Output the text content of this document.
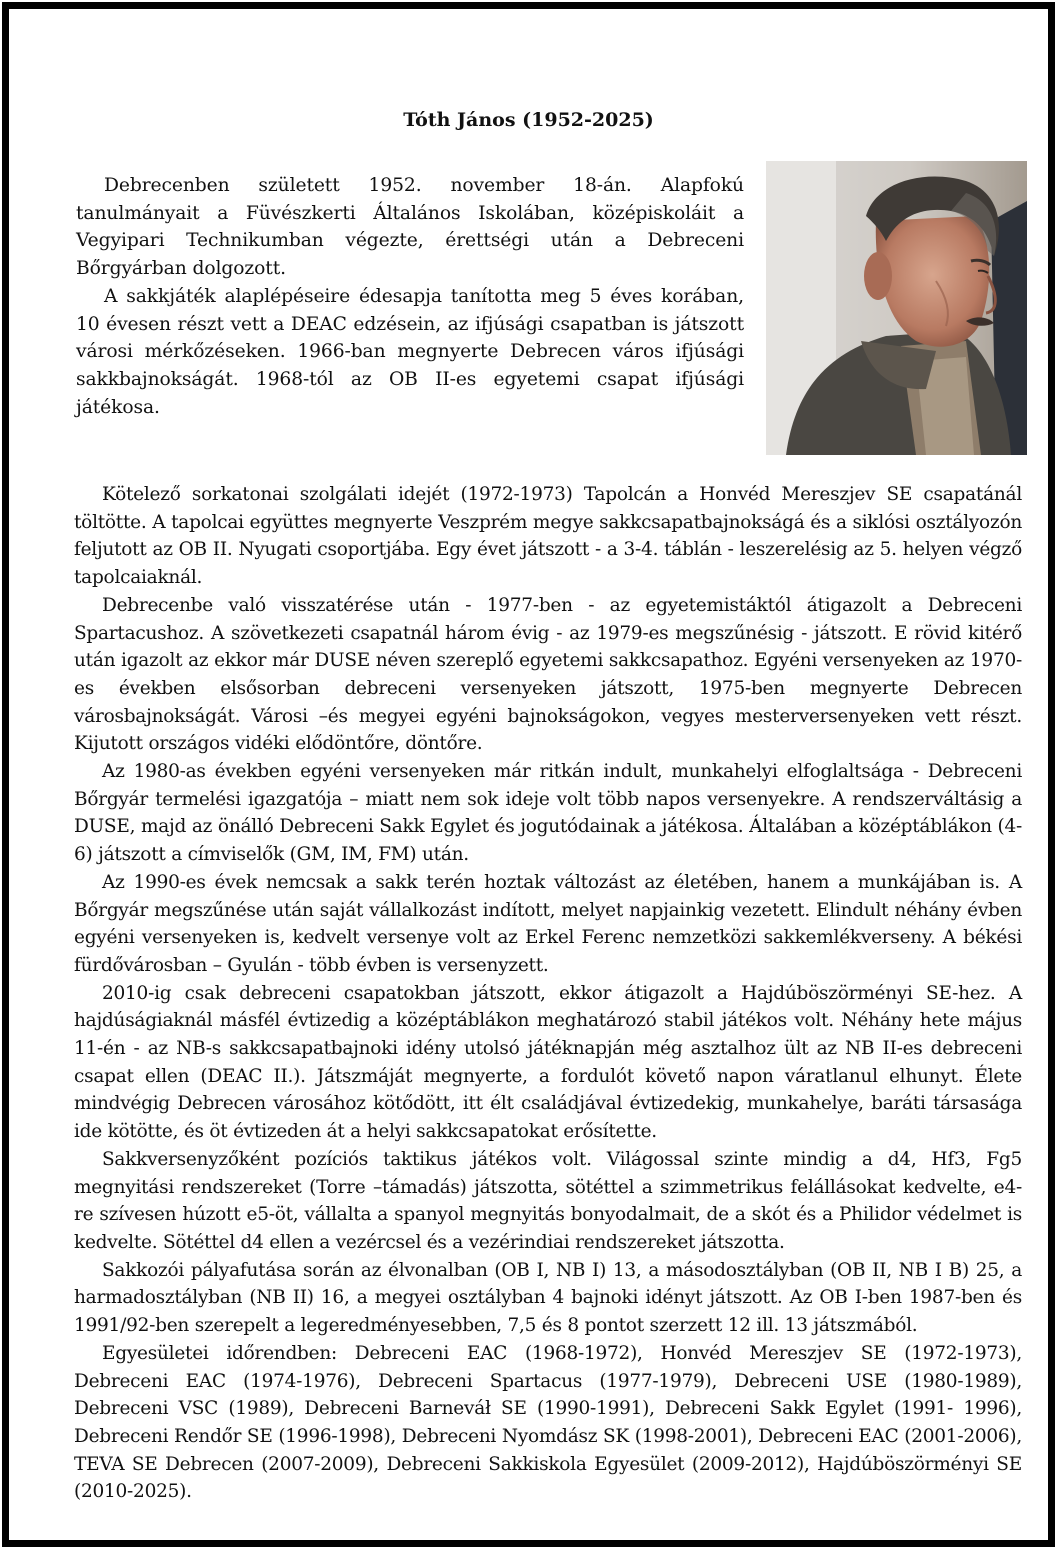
Tóth János (1952-2025)

Debrecenben született 1952. november 18-án. Alapfokú tanulmányait a Füvészkerti Általános Iskolában, középiskoláit a Vegyipari Technikumban végezte, érettségi után a Debreceni Bőrgyárban dolgozott.

A sakkjáték alaplépéseire édesapja tanította meg 5 éves korában, 10 évesen részt vett a DEAC edzésein, az ifjúsági csapatban is játszott városi mérkőzéseken. 1966-ban megnyerte Debrecen város ifjúsági sakkbajnokságát. 1968-tól az OB II-es egyetemi csapat ifjúsági játékosa.

Kötelező sorkatonai szolgálati idejét (1972-1973) Tapolcán a Honvéd Mereszjev SE csapatánál töltötte. A tapolcai együttes megnyerte Veszprém megye sakkcsapatbajnokságá és a siklósi osztályozón feljutott az OB II. Nyugati csoportjába. Egy évet játszott - a 3-4. táblán - leszerelésig az 5. helyen végző tapolcaiaknál.

Debrecenbe való visszatérése után - 1977-ben - az egyetemistáktól átigazolt a Debreceni Spartacushoz. A szövetkezeti csapatnál három évig - az 1979-es megszűnésig - játszott. E rövid kitérő után igazolt az ekkor már DUSE néven szereplő egyetemi sakkcsapathoz. Egyéni versenyeken az 1970-es években elsősorban debreceni versenyeken játszott, 1975-ben megnyerte Debrecen városbajnokságát. Városi –és megyei egyéni bajnokságokon, vegyes mesterversenyeken vett részt. Kijutott országos vidéki elődöntőre, döntőre.

Az 1980-as években egyéni versenyeken már ritkán indult, munkahelyi elfoglaltsága - Debreceni Bőrgyár termelési igazgatója – miatt nem sok ideje volt több napos versenyekre. A rendszerváltásig a DUSE, majd az önálló Debreceni Sakk Egylet és jogutódainak a játékosa. Általában a középtáblákon (4-6) játszott a címviselők (GM, IM, FM) után.

Az 1990-es évek nemcsak a sakk terén hoztak változást az életében, hanem a munkájában is. A Bőrgyár megszűnése után saját vállalkozást indított, melyet napjainkig vezetett. Elindult néhány évben egyéni versenyeken is, kedvelt versenye volt az Erkel Ferenc nemzetközi sakkemlékverseny. A békési fürdővárosban – Gyulán - több évben is versenyzett.

2010-ig csak debreceni csapatokban játszott, ekkor átigazolt a Hajdúböszörményi SE-hez. A hajdúságiaknál másfél évtizedig a középtáblákon meghatározó stabil játékos volt. Néhány hete május 11-én - az NB-s sakkcsapatbajnoki idény utolsó játéknapján még asztalhoz ült az NB II-es debreceni csapat ellen (DEAC II.). Játszmáját megnyerte, a fordulót követő napon váratlanul elhunyt. Élete mindvégig Debrecen városához kötődött, itt élt családjával évtizedekig, munkahelye, baráti társasága ide kötötte, és öt évtizeden át a helyi sakkcsapatokat erősítette.

Sakkversenyzőként pozíciós taktikus játékos volt. Világossal szinte mindig a d4, Hf3, Fg5 megnyitási rendszereket (Torre –támadás) játszotta, sötéttel a szimmetrikus felállásokat kedvelte, e4-re szívesen húzott e5-öt, vállalta a spanyol megnyitás bonyodalmait, de a skót és a Philidor védelmet is kedvelte. Sötéttel d4 ellen a vezércsel és a vezérindiai rendszereket játszotta.

Sakkozói pályafutása során az élvonalban (OB I, NB I) 13, a másodosztályban (OB II, NB I B) 25, a harmadosztályban (NB II) 16, a megyei osztályban 4 bajnoki idényt játszott. Az OB I-ben 1987-ben és 1991/92-ben szerepelt a legeredményesebben, 7,5 és 8 pontot szerzett 12 ill. 13 játszmából.

Egyesületei időrendben: Debreceni EAC (1968-1972), Honvéd Mereszjev SE (1972-1973), Debreceni EAC (1974-1976), Debreceni Spartacus (1977-1979), Debreceni USE (1980-1989), Debreceni VSC (1989), Debreceni Barneváł SE (1990-1991), Debreceni Sakk Egylet (1991- 1996), Debreceni Rendőr SE (1996-1998), Debreceni Nyomdász SK (1998-2001), Debreceni EAC (2001-2006), TEVA SE Debrecen (2007-2009), Debreceni Sakkiskola Egyesület (2009-2012), Hajdúböszörményi SE (2010-2025).
